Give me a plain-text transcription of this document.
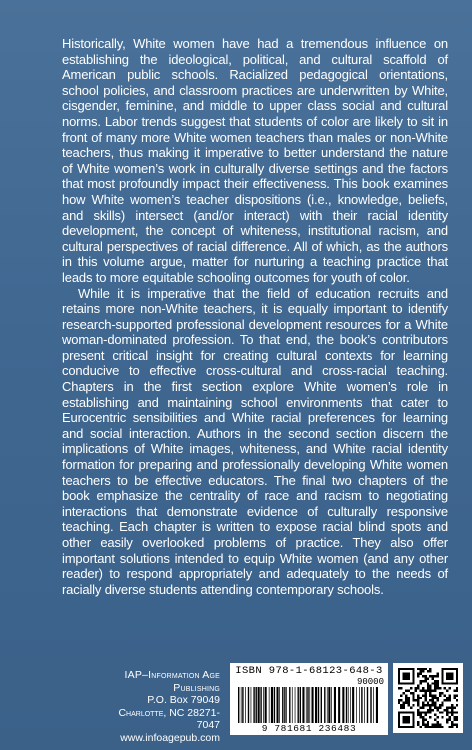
Historically, White women have had a tremendous influence on establishing the ideological, political, and cultural scaffold of American public schools. Racialized pedagogical orientations, school policies, and classroom practices are underwritten by White, cisgender, feminine, and middle to upper class social and cultural norms. Labor trends suggest that students of color are likely to sit in front of many more White women teachers than males or non-White teachers, thus making it imperative to better understand the nature of White women’s work in culturally diverse settings and the factors that most profoundly impact their effectiveness. This book examines how White women’s teacher dispositions (i.e., knowledge, beliefs, and skills) intersect (and/or interact) with their racial identity development, the concept of whiteness, institutional racism, and cultural perspectives of racial difference. All of which, as the authors in this volume argue, matter for nurturing a teaching practice that leads to more equitable schooling outcomes for youth of color.

While it is imperative that the field of education recruits and retains more non-White teachers, it is equally important to identify research-supported professional development resources for a White woman-dominated profession. To that end, the book’s contributors present critical insight for creating cultural contexts for learning conducive to effective cross-cultural and cross-racial teaching. Chapters in the first section explore White women’s role in establishing and maintaining school environments that cater to Eurocentric sensibilities and White racial preferences for learning and social interaction. Authors in the second section discern the implications of White images, whiteness, and White racial identity formation for preparing and professionally developing White women teachers to be effective educators. The final two chapters of the book emphasize the centrality of race and racism to negotiating interactions that demonstrate evidence of culturally responsive teaching. Each chapter is written to expose racial blind spots and other easily overlooked problems of practice. They also offer important solutions intended to equip White women (and any other reader) to respond appropriately and adequately to the needs of racially diverse students attending contemporary schools.

IAP–Information Age Publishing
P.O. Box 79049
Charlotte, NC 28271-7047
www.infoagepub.com
ISBN 978-1-68123-648-3
90000
9 781681 236483
